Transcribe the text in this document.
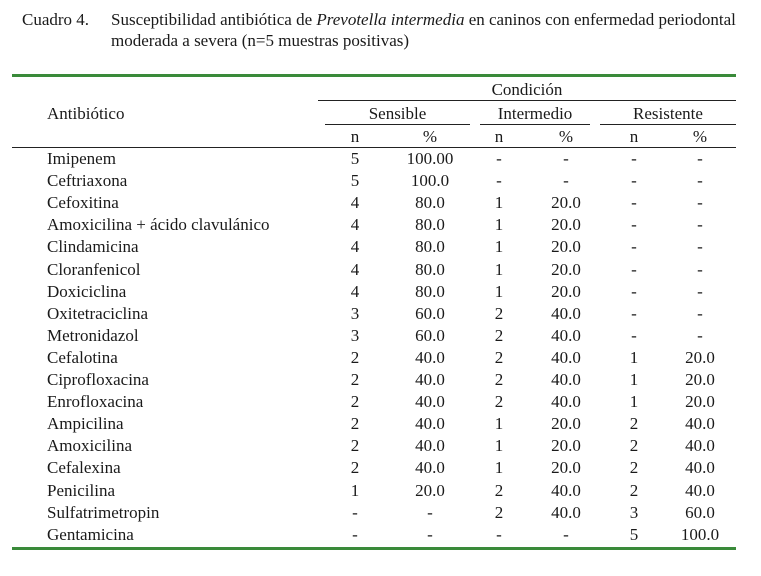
Cuadro 4. Susceptibilidad antibiótica de Prevotella intermedia en caninos con enfermedad periodontal moderada a severa (n=5 muestras positivas)
Antibiótico
Condición
Sensible	Intermedio	Resistente
n	%	n	%	n	%
Imipenem	5	100.00	-	-	-	-
Ceftriaxona	5	100.0	-	-	-	-
Cefoxitina	4	80.0	1	20.0	-	-
Amoxicilina + ácido clavulánico	4	80.0	1	20.0	-	-
Clindamicina	4	80.0	1	20.0	-	-
Cloranfenicol	4	80.0	1	20.0	-	-
Doxiciclina	4	80.0	1	20.0	-	-
Oxitetraciclina	3	60.0	2	40.0	-	-
Metronidazol	3	60.0	2	40.0	-	-
Cefalotina	2	40.0	2	40.0	1	20.0
Ciprofloxacina	2	40.0	2	40.0	1	20.0
Enrofloxacina	2	40.0	2	40.0	1	20.0
Ampicilina	2	40.0	1	20.0	2	40.0
Amoxicilina	2	40.0	1	20.0	2	40.0
Cefalexina	2	40.0	1	20.0	2	40.0
Penicilina	1	20.0	2	40.0	2	40.0
Sulfatrimetropin	-	-	2	40.0	3	60.0
Gentamicina	-	-	-	-	5	100.0
